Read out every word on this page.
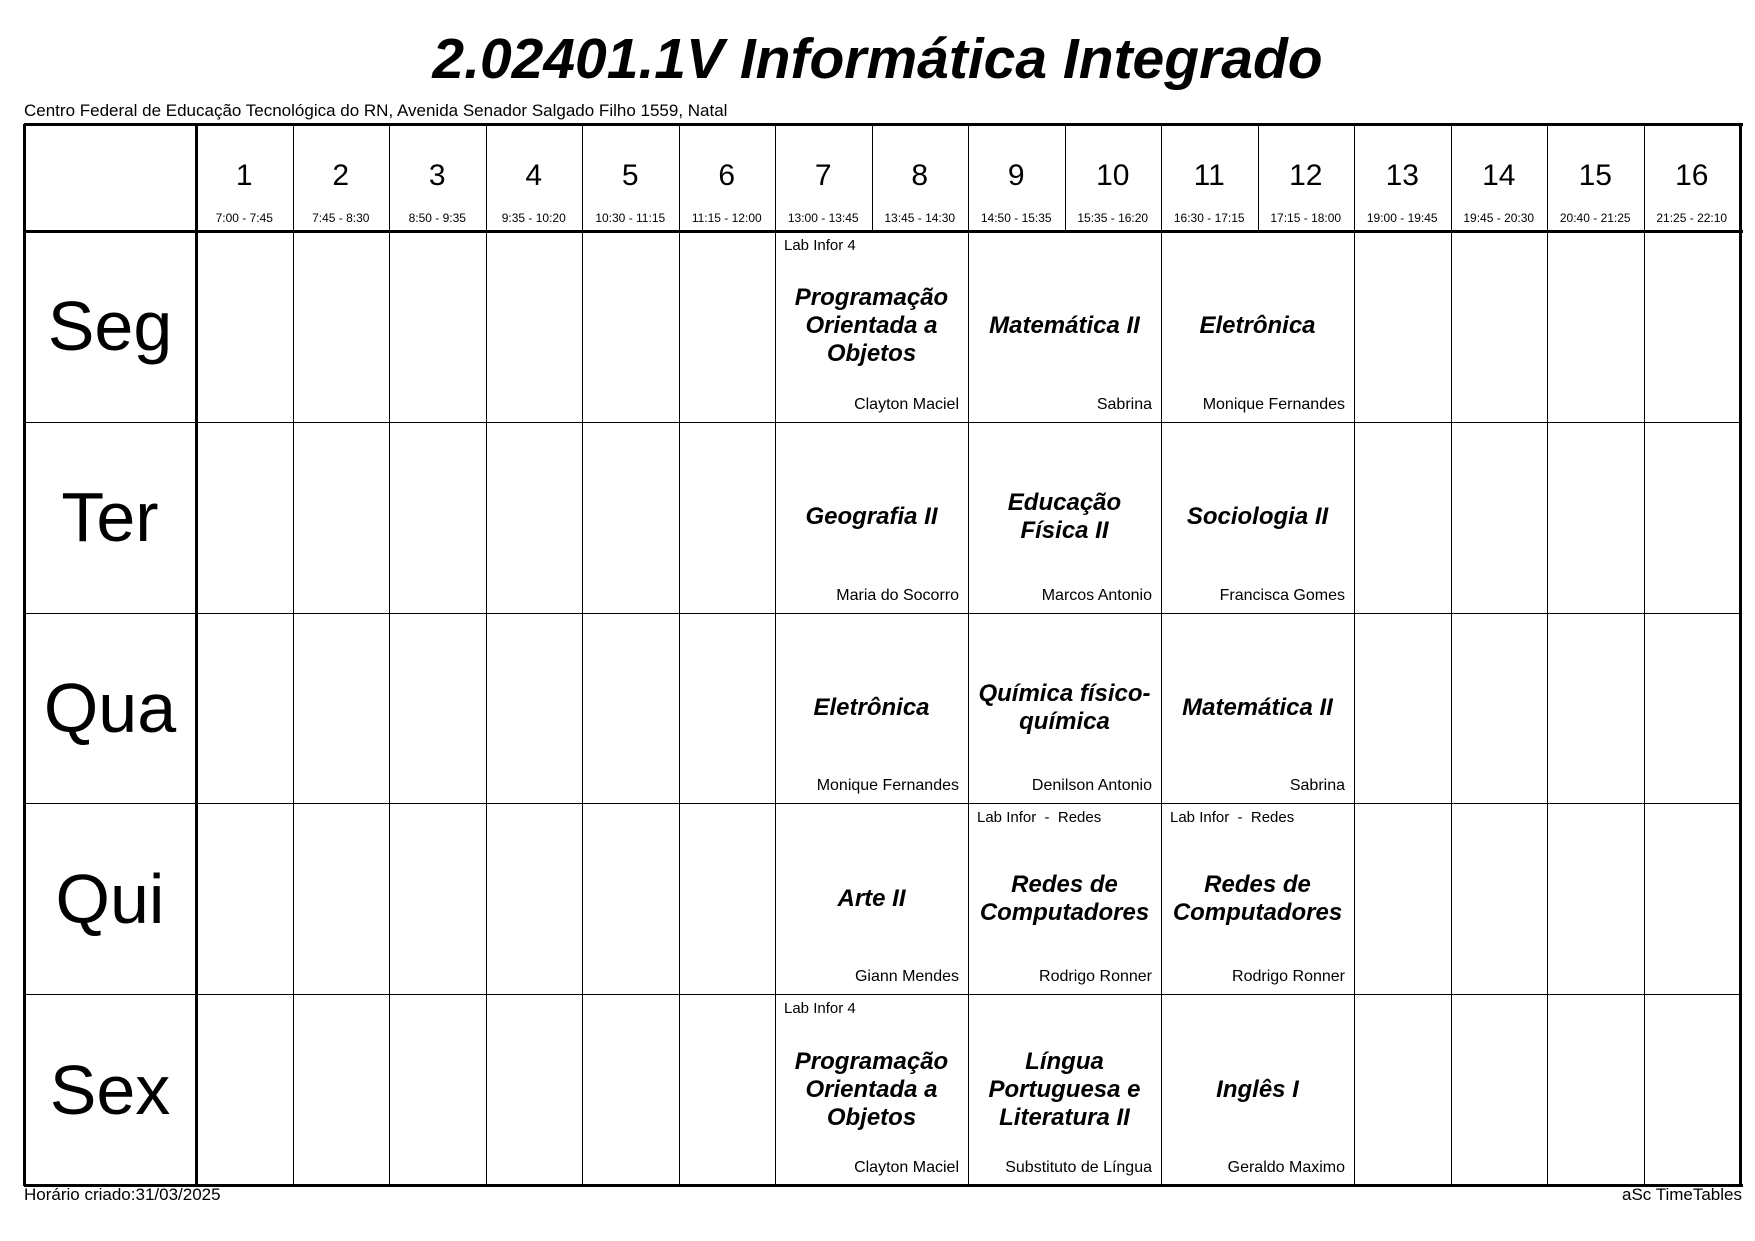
2.02401.1V Informática Integrado
Centro Federal de Educação Tecnológica do RN, Avenida Senador Salgado Filho 1559, Natal
1
7:00 - 7:45
2
7:45 - 8:30
3
8:50 - 9:35
4
9:35 - 10:20
5
10:30 - 11:15
6
11:15 - 12:00
7
13:00 - 13:45
8
13:45 - 14:30
9
14:50 - 15:35
10
15:35 - 16:20
11
16:30 - 17:15
12
17:15 - 18:00
13
19:00 - 19:45
14
19:45 - 20:30
15
20:40 - 21:25
16
21:25 - 22:10
Seg
Ter
Qua
Qui
Sex
Lab Infor 4
Programação Orientada a Objetos
Clayton Maciel
Matemática II
Sabrina
Eletrônica
Monique Fernandes
Geografia II
Maria do Socorro
Educação Física II
Marcos Antonio
Sociologia II
Francisca Gomes
Eletrônica
Monique Fernandes
Química físico-química
Denilson Antonio
Matemática II
Sabrina
Arte II
Giann Mendes
Lab Infor  -  Redes
Redes de Computadores
Rodrigo Ronner
Lab Infor  -  Redes
Redes de Computadores
Rodrigo Ronner
Lab Infor 4
Programação Orientada a Objetos
Clayton Maciel
Língua Portuguesa e Literatura II
Substituto de Língua
Inglês I
Geraldo Maximo
Horário criado:31/03/2025	aSc TimeTables
